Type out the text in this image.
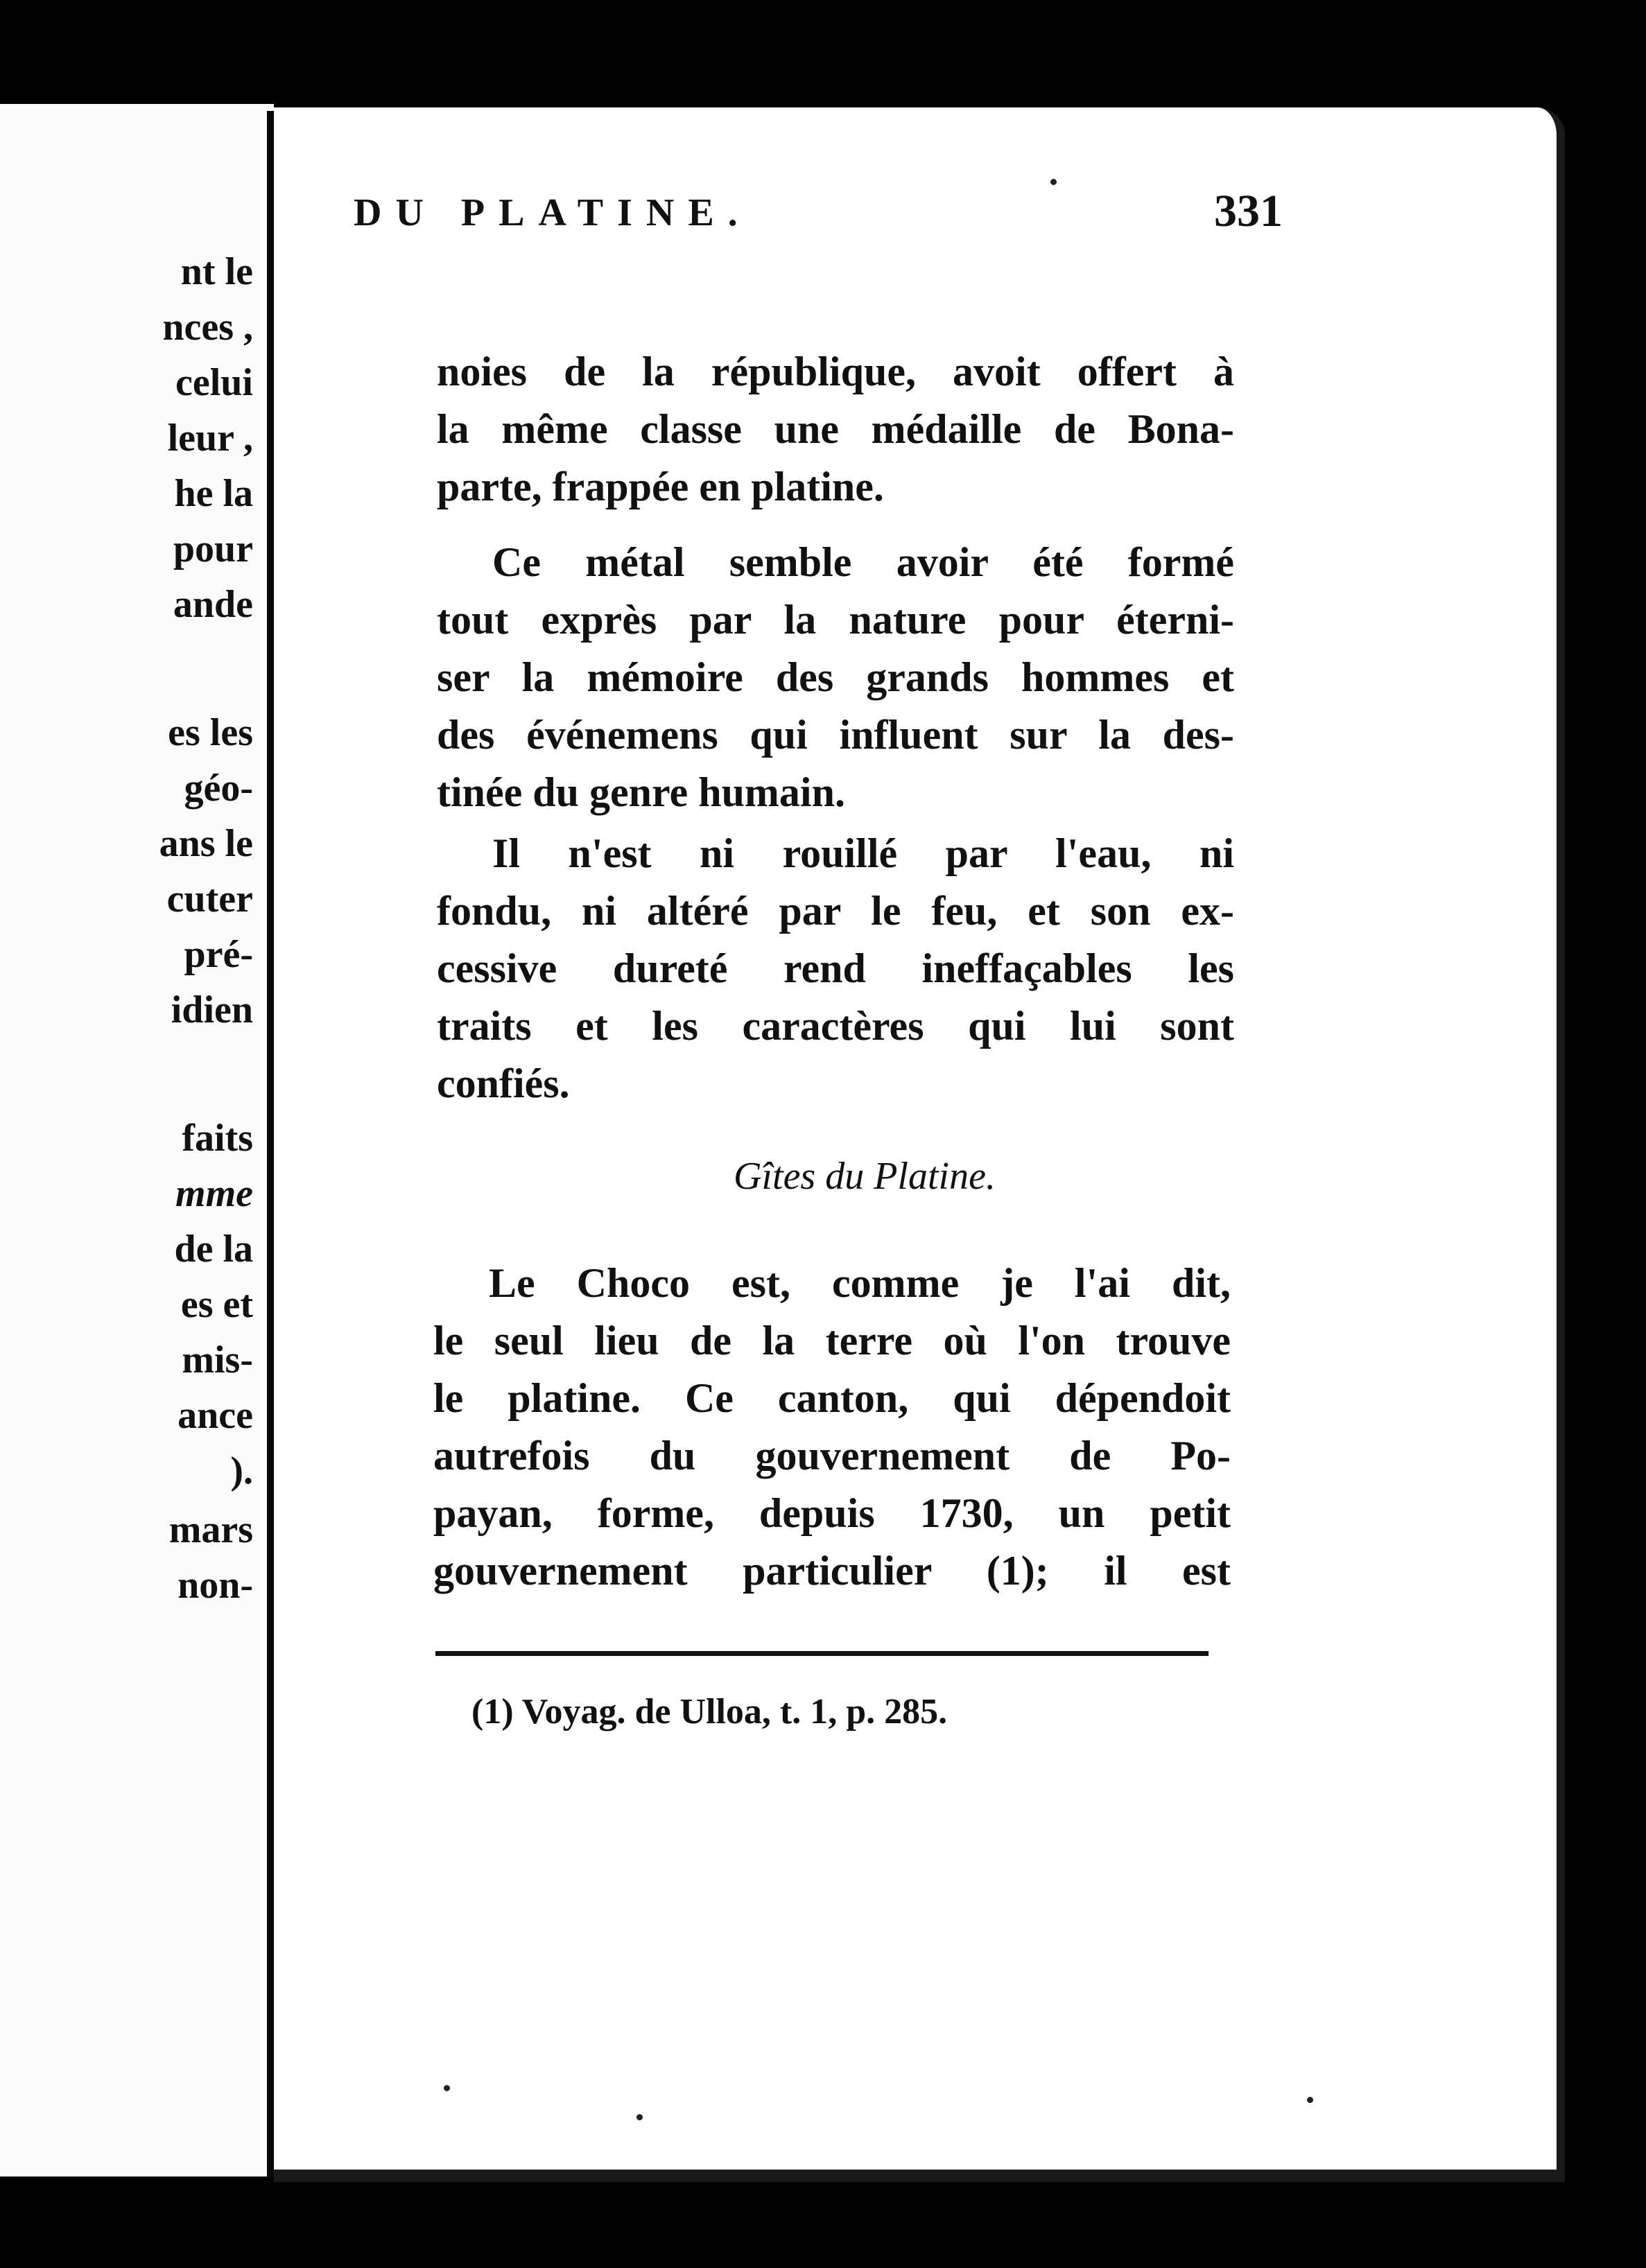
nt le
nces ,
celui
leur ,
he la
pour
ande
es les
géo-
ans le
cuter
pré-
idien
faits
mme
de la
es et
mis-
ance
).
mars
non-
DU PLATINE.	331
noies de la république, avoit offert à
la même classe une médaille de Bona-
parte, frappée en platine.
Ce métal semble avoir été formé
tout exprès par la nature pour éterni-
ser la mémoire des grands hommes et
des événemens qui influent sur la des-
tinée du genre humain.
Il n'est ni rouillé par l'eau, ni
fondu, ni altéré par le feu, et son ex-
cessive dureté rend ineffaçables les
traits et les caractères qui lui sont
confiés.
Gîtes du Platine.
Le Choco est, comme je l'ai dit,
le seul lieu de la terre où l'on trouve
le platine. Ce canton, qui dépendoit
autrefois du gouvernement de Po-
payan, forme, depuis 1730, un petit
gouvernement particulier (1); il est
(1) Voyag. de Ulloa, t. 1, p. 285.
